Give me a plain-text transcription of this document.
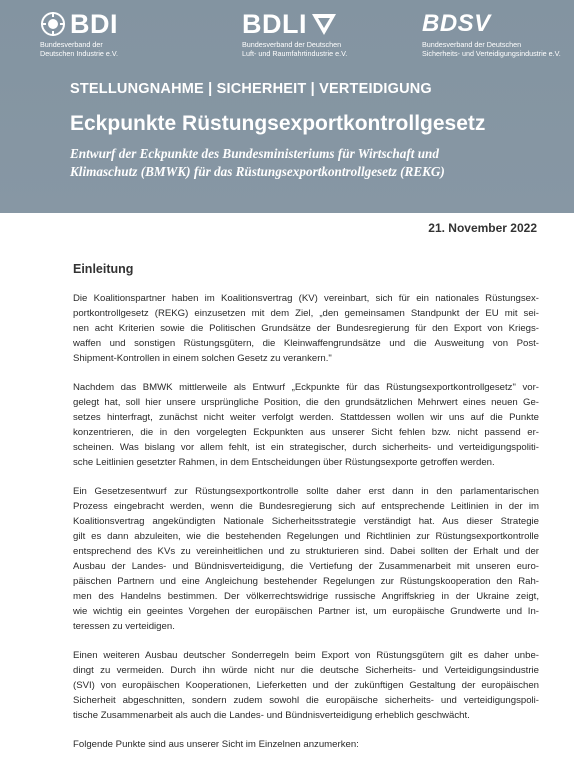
BDI
Bundesverband der
Deutschen Industrie e.V.
BDLI
Bundesverband der Deutschen
Luft- und Raumfahrtindustrie e.V.
BDSV
Bundesverband der Deutschen
Sicherheits- und Verteidigungsindustrie e.V.
STELLUNGNAHME | SICHERHEIT | VERTEIDIGUNG
Eckpunkte Rüstungsexportkontrollgesetz
Entwurf der Eckpunkte des Bundesministeriums für Wirtschaft und
Klimaschutz (BMWK) für das Rüstungsexportkontrollgesetz (REKG)
21. November 2022
Einleitung

Die Koalitionspartner haben im Koalitionsvertrag (KV) vereinbart, sich für ein nationales Rüstungsex-
portkontrollgesetz (REKG) einzusetzen mit dem Ziel, „den gemeinsamen Standpunkt der EU mit sei-
nen acht Kriterien sowie die Politischen Grundsätze der Bundesregierung für den Export von Kriegs-
waffen und sonstigen Rüstungsgütern, die Kleinwaffengrundsätze und die Ausweitung von Post-
Shipment-Kontrollen in einem solchen Gesetz zu verankern."

Nachdem das BMWK mittlerweile als Entwurf „Eckpunkte für das Rüstungsexportkontrollgesetz" vor-
gelegt hat, soll hier unsere ursprüngliche Position, die den grundsätzlichen Mehrwert eines neuen Ge-
setzes hinterfragt, zunächst nicht weiter verfolgt werden. Stattdessen wollen wir uns auf die Punkte
konzentrieren, die in den vorgelegten Eckpunkten aus unserer Sicht fehlen bzw. nicht passend er-
scheinen. Was bislang vor allem fehlt, ist ein strategischer, durch sicherheits- und verteidigungspoliti-
sche Leitlinien gesetzter Rahmen, in dem Entscheidungen über Rüstungsexporte getroffen werden.

Ein Gesetzesentwurf zur Rüstungsexportkontrolle sollte daher erst dann in den parlamentarischen
Prozess eingebracht werden, wenn die Bundesregierung sich auf entsprechende Leitlinien in der im
Koalitionsvertrag angekündigten Nationale Sicherheitsstrategie verständigt hat. Aus dieser Strategie
gilt es dann abzuleiten, wie die bestehenden Regelungen und Richtlinien zur Rüstungsexportkontrolle
entsprechend des KVs zu vereinheitlichen und zu strukturieren sind. Dabei sollten der Erhalt und der
Ausbau der Landes- und Bündnisverteidigung, die Vertiefung der Zusammenarbeit mit unseren euro-
päischen Partnern und eine Angleichung bestehender Regelungen zur Rüstungskooperation den Rah-
men des Handelns bestimmen. Der völkerrechtswidrige russische Angriffskrieg in der Ukraine zeigt,
wie wichtig ein geeintes Vorgehen der europäischen Partner ist, um europäische Grundwerte und In-
teressen zu verteidigen.

Einen weiteren Ausbau deutscher Sonderregeln beim Export von Rüstungsgütern gilt es daher unbe-
dingt zu vermeiden. Durch ihn würde nicht nur die deutsche Sicherheits- und Verteidigungsindustrie
(SVI) von europäischen Kooperationen, Lieferketten und der zukünftigen Gestaltung der europäischen
Sicherheit abgeschnitten, sondern zudem sowohl die europäische sicherheits- und verteidigungspoli-
tische Zusammenarbeit als auch die Landes- und Bündnisverteidigung erheblich geschwächt.

Folgende Punkte sind aus unserer Sicht im Einzelnen anzumerken:
